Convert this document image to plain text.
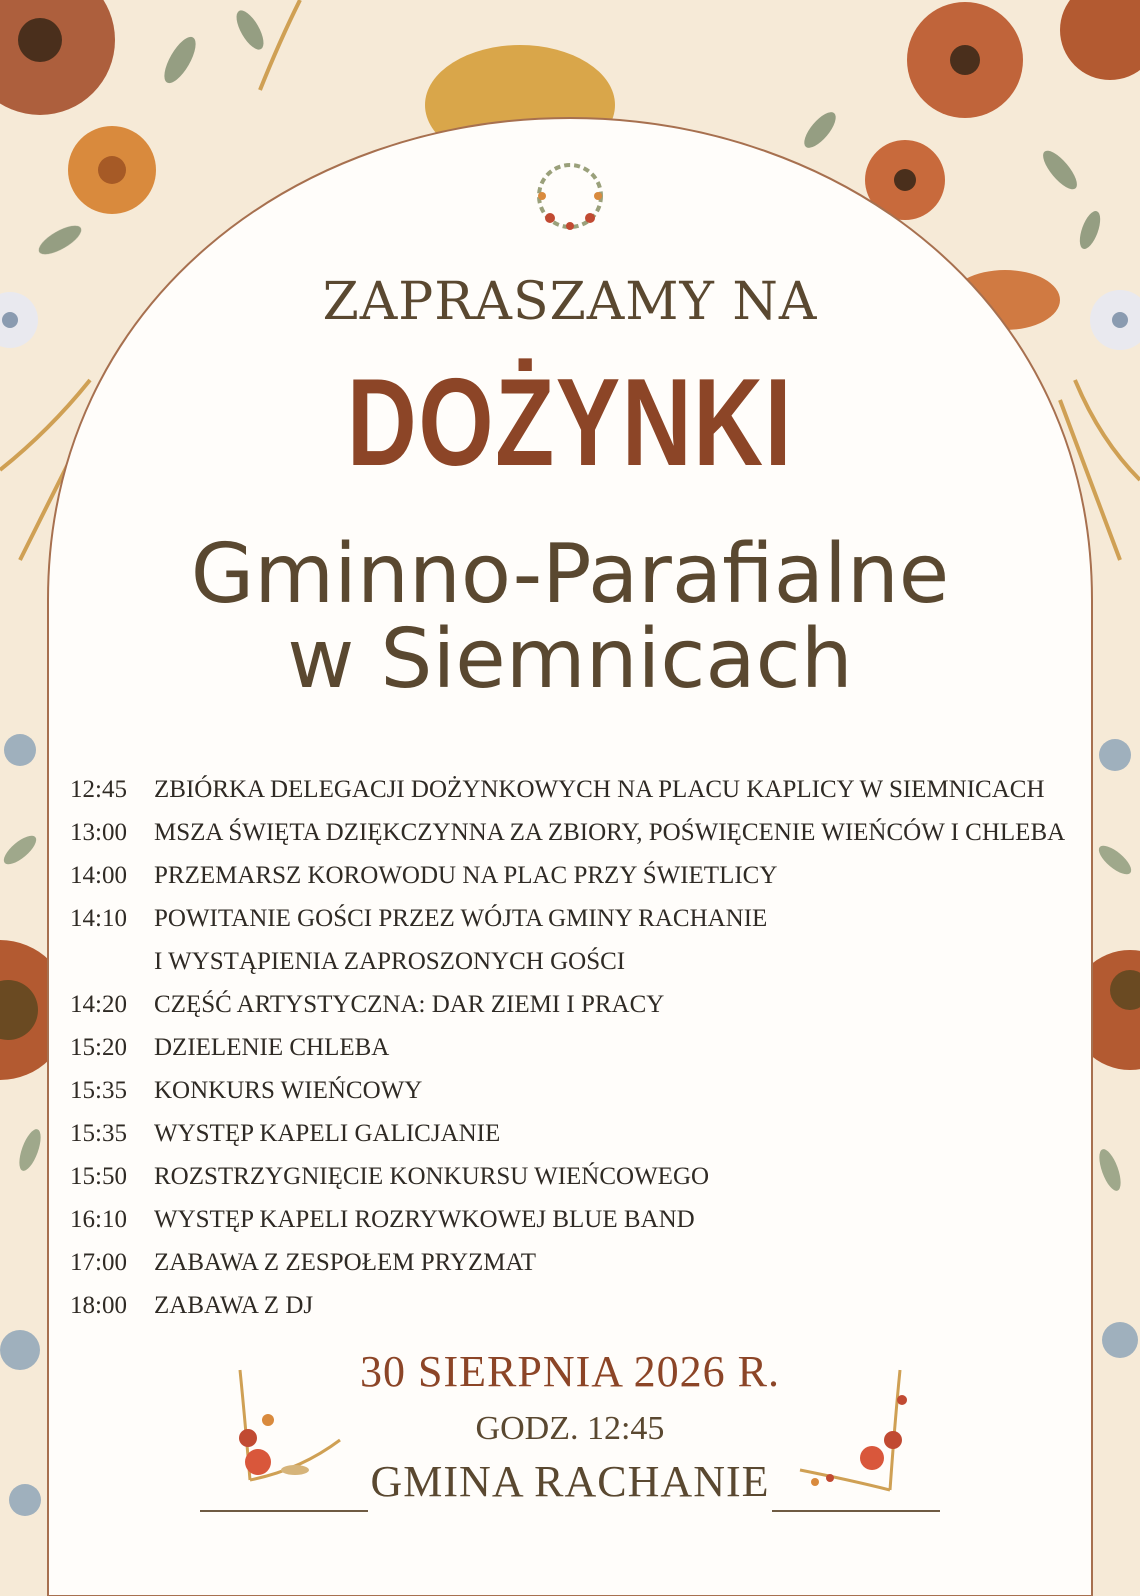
ZAPRASZAMY NA
DOŻYNKI
Gminno-Parafialne
w Siemnicach
12:45	ZBIÓRKA DELEGACJI DOŻYNKOWYCH NA PLACU KAPLICY W SIEMNICACH
13:00	MSZA ŚWIĘTA DZIĘKCZYNNA ZA ZBIORY, POŚWIĘCENIE WIEŃCÓW I CHLEBA
14:00	PRZEMARSZ KOROWODU NA PLAC PRZY ŚWIETLICY
14:10	POWITANIE GOŚCI PRZEZ WÓJTA GMINY RACHANIE
I WYSTĄPIENIA ZAPROSZONYCH GOŚCI
14:20	CZĘŚĆ ARTYSTYCZNA: DAR ZIEMI I PRACY
15:20	DZIELENIE CHLEBA
15:35	KONKURS WIEŃCOWY
15:35	WYSTĘP KAPELI GALICJANIE
15:50	ROZSTRZYGNIĘCIE KONKURSU WIEŃCOWEGO
16:10	WYSTĘP KAPELI ROZRYWKOWEJ BLUE BAND
17:00	ZABAWA Z ZESPOŁEM PRYZMAT
18:00	ZABAWA Z DJ
30 SIERPNIA 2026 R.
GODZ. 12:45
GMINA RACHANIE
